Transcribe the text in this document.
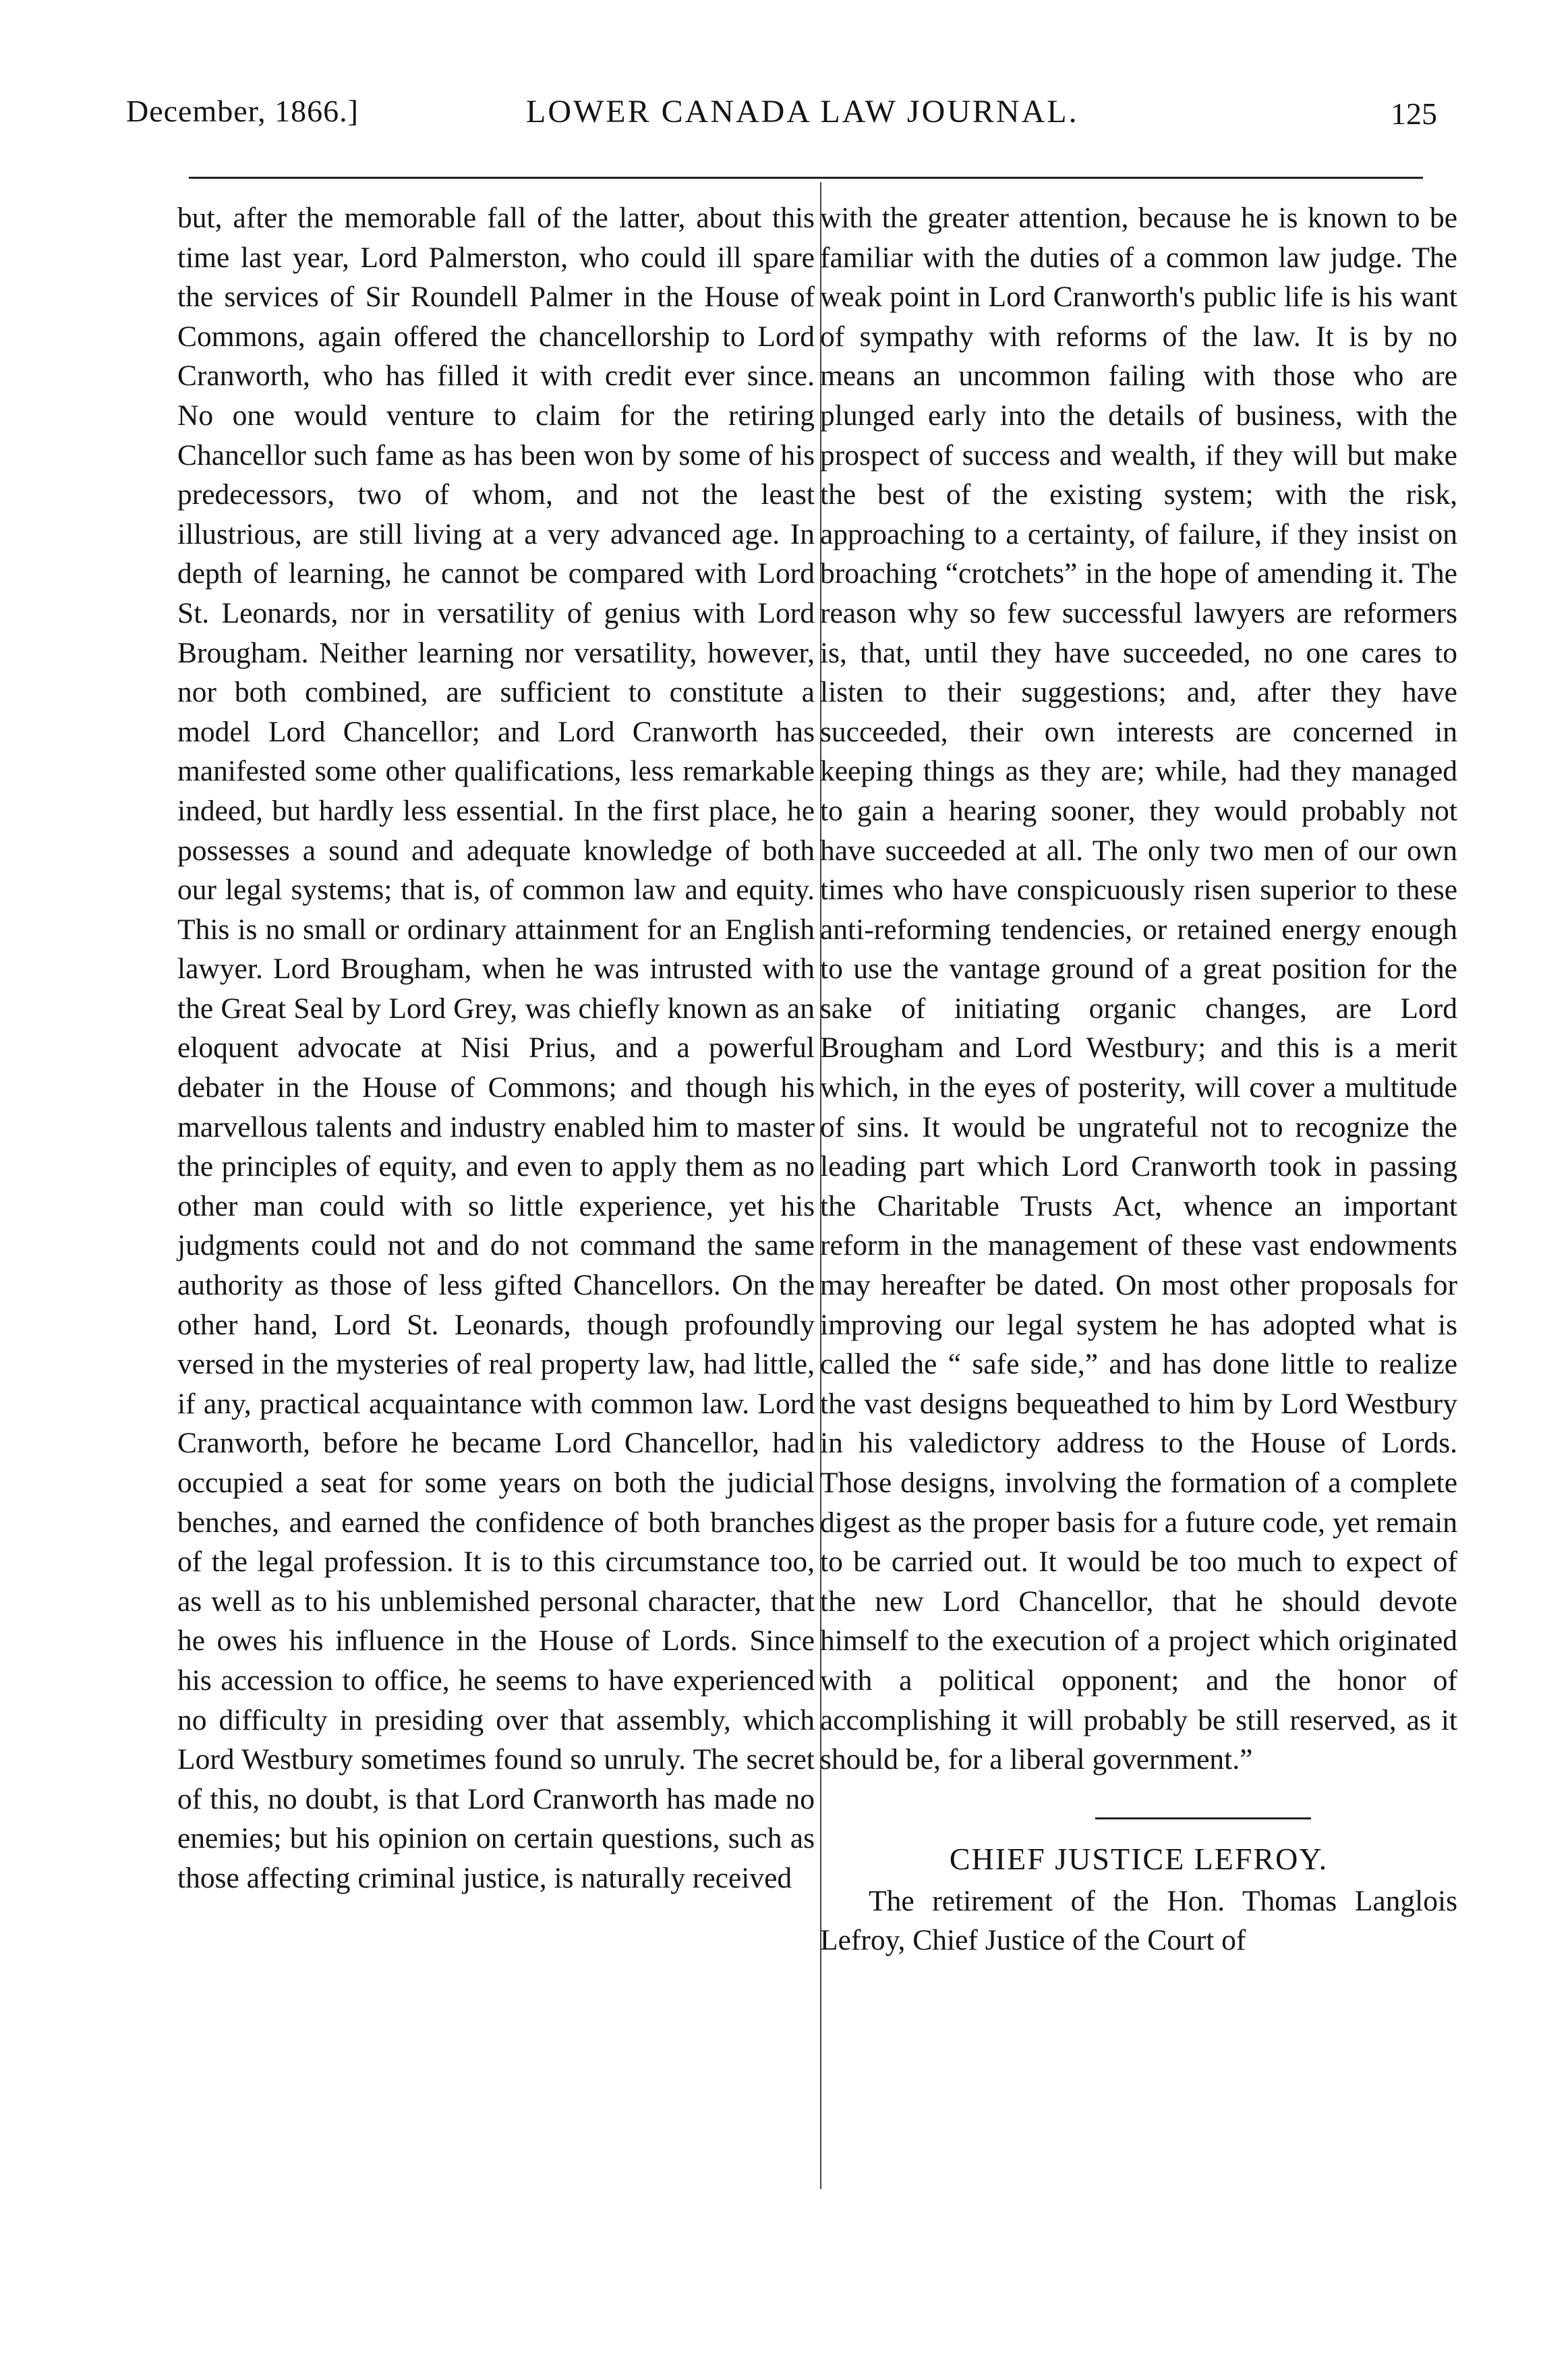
December, 1866.]	LOWER CANADA LAW JOURNAL.	125

but, after the memorable fall of the latter, about this time last year, Lord Palmerston, who could ill spare the services of Sir Roundell Palmer in the House of Commons, again offered the chancellorship to Lord Cranworth, who has filled it with credit ever since. No one would venture to claim for the retiring Chancellor such fame as has been won by some of his predecessors, two of whom, and not the least illustrious, are still living at a very advanced age. In depth of learning, he cannot be compared with Lord St. Leonards, nor in versatility of genius with Lord Brougham. Neither learning nor versatility, however, nor both combined, are sufficient to constitute a model Lord Chancellor; and Lord Cranworth has manifested some other qualifications, less remarkable indeed, but hardly less essential. In the first place, he possesses a sound and adequate knowledge of both our legal systems; that is, of common law and equity. This is no small or ordinary attainment for an English lawyer. Lord Brougham, when he was intrusted with the Great Seal by Lord Grey, was chiefly known as an eloquent advocate at Nisi Prius, and a powerful debater in the House of Commons; and though his marvellous talents and industry enabled him to master the principles of equity, and even to apply them as no other man could with so little experience, yet his judgments could not and do not command the same authority as those of less gifted Chancellors. On the other hand, Lord St. Leonards, though profoundly versed in the mysteries of real property law, had little, if any, practical acquaintance with common law. Lord Cranworth, before he became Lord Chancellor, had occupied a seat for some years on both the judicial benches, and earned the confidence of both branches of the legal profession. It is to this circumstance too, as well as to his unblemished personal character, that he owes his influence in the House of Lords. Since his accession to office, he seems to have experienced no difficulty in presiding over that assembly, which Lord Westbury sometimes found so unruly. The secret of this, no doubt, is that Lord Cranworth has made no enemies; but his opinion on certain questions, such as those affecting criminal justice, is naturally received

with the greater attention, because he is known to be familiar with the duties of a common law judge. The weak point in Lord Cranworth's public life is his want of sympathy with reforms of the law. It is by no means an uncommon failing with those who are plunged early into the details of business, with the prospect of success and wealth, if they will but make the best of the existing system; with the risk, approaching to a certainty, of failure, if they insist on broaching “crotchets” in the hope of amending it. The reason why so few successful lawyers are reformers is, that, until they have succeeded, no one cares to listen to their suggestions; and, after they have succeeded, their own interests are concerned in keeping things as they are; while, had they managed to gain a hearing sooner, they would probably not have succeeded at all. The only two men of our own times who have conspicuously risen superior to these anti-reforming tendencies, or retained energy enough to use the vantage ground of a great position for the sake of initiating organic changes, are Lord Brougham and Lord Westbury; and this is a merit which, in the eyes of posterity, will cover a multitude of sins. It would be ungrateful not to recognize the leading part which Lord Cranworth took in passing the Charitable Trusts Act, whence an important reform in the management of these vast endowments may hereafter be dated. On most other proposals for improving our legal system he has adopted what is called the “ safe side,” and has done little to realize the vast designs bequeathed to him by Lord Westbury in his valedictory address to the House of Lords. Those designs, involving the formation of a complete digest as the proper basis for a future code, yet remain to be carried out. It would be too much to expect of the new Lord Chancellor, that he should devote himself to the execution of a project which originated with a political opponent; and the honor of accomplishing it will probably be still reserved, as it should be, for a liberal government.”

CHIEF JUSTICE LEFROY.

The retirement of the Hon. Thomas Langlois Lefroy, Chief Justice of the Court of
